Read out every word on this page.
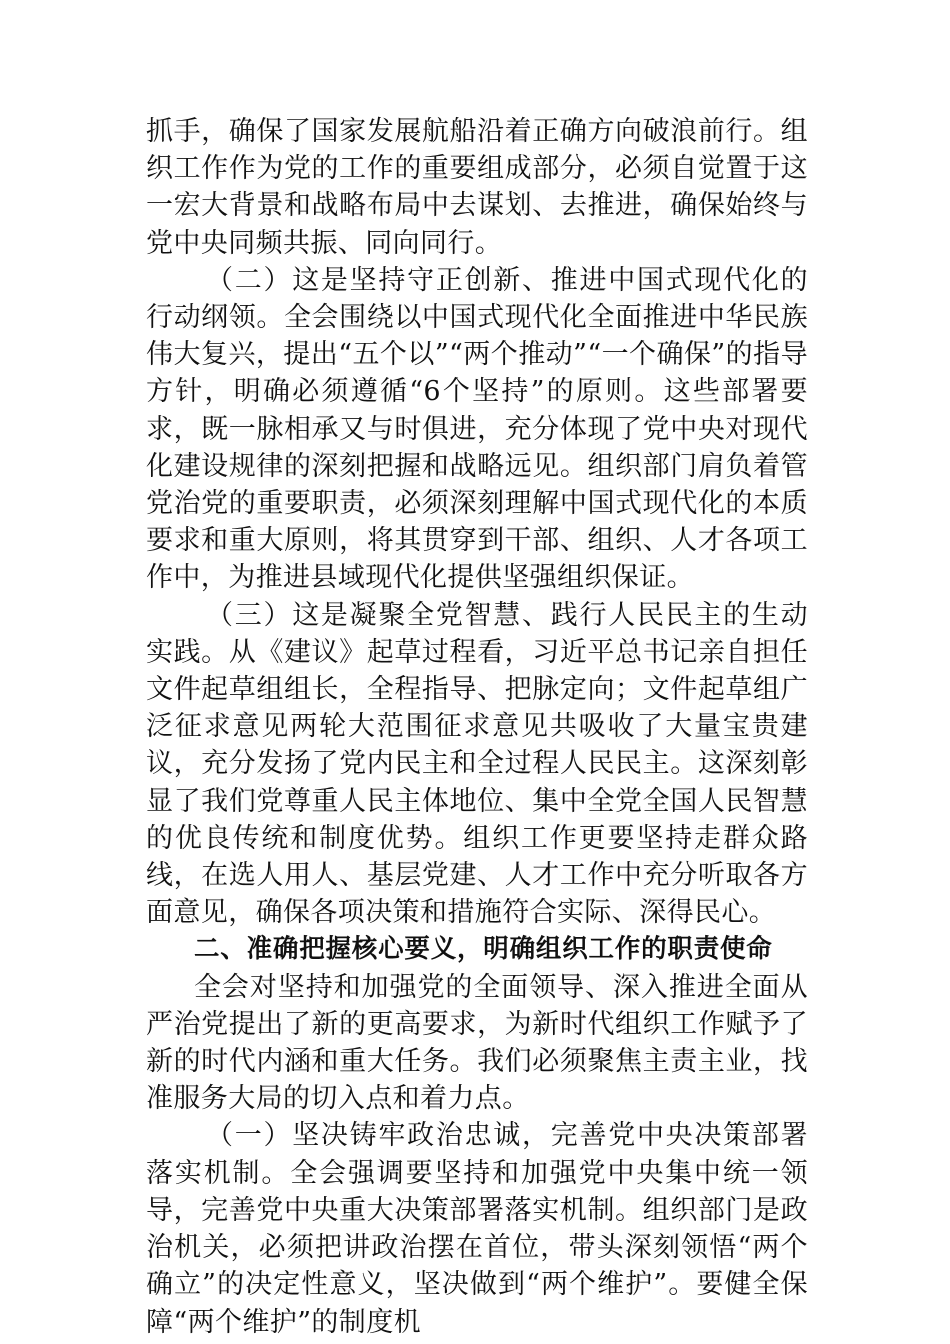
抓手，确保了国家发展航船沿着正确方向破浪前行。组织工作作为党的工作的重要组成部分，必须自觉置于这一宏大背景和战略布局中去谋划、去推进，确保始终与党中央同频共振、同向同行。

（二）这是坚持守正创新、推进中国式现代化的行动纲领。全会围绕以中国式现代化全面推进中华民族伟大复兴，提出“五个以”“两个推动”“一个确保”的指导方针，明确必须遵循“6个坚持”的原则。这些部署要求，既一脉相承又与时俱进，充分体现了党中央对现代化建设规律的深刻把握和战略远见。组织部门肩负着管党治党的重要职责，必须深刻理解中国式现代化的本质要求和重大原则，将其贯穿到干部、组织、人才各项工作中，为推进县域现代化提供坚强组织保证。

（三）这是凝聚全党智慧、践行人民民主的生动实践。从《建议》起草过程看，习近平总书记亲自担任文件起草组组长，全程指导、把脉定向；文件起草组广泛征求意见两轮大范围征求意见共吸收了大量宝贵建议，充分发扬了党内民主和全过程人民民主。这深刻彰显了我们党尊重人民主体地位、集中全党全国人民智慧的优良传统和制度优势。组织工作更要坚持走群众路线，在选人用人、基层党建、人才工作中充分听取各方面意见，确保各项决策和措施符合实际、深得民心。

二、准确把握核心要义，明确组织工作的职责使命

全会对坚持和加强党的全面领导、深入推进全面从严治党提出了新的更高要求，为新时代组织工作赋予了新的时代内涵和重大任务。我们必须聚焦主责主业，找准服务大局的切入点和着力点。

（一）坚决铸牢政治忠诚，完善党中央决策部署落实机制。全会强调要坚持和加强党中央集中统一领导，完善党中央重大决策部署落实机制。组织部门是政治机关，必须把讲政治摆在首位，带头深刻领悟“两个确立”的决定性意义，坚决做到“两个维护”。要健全保障“两个维护”的制度机
